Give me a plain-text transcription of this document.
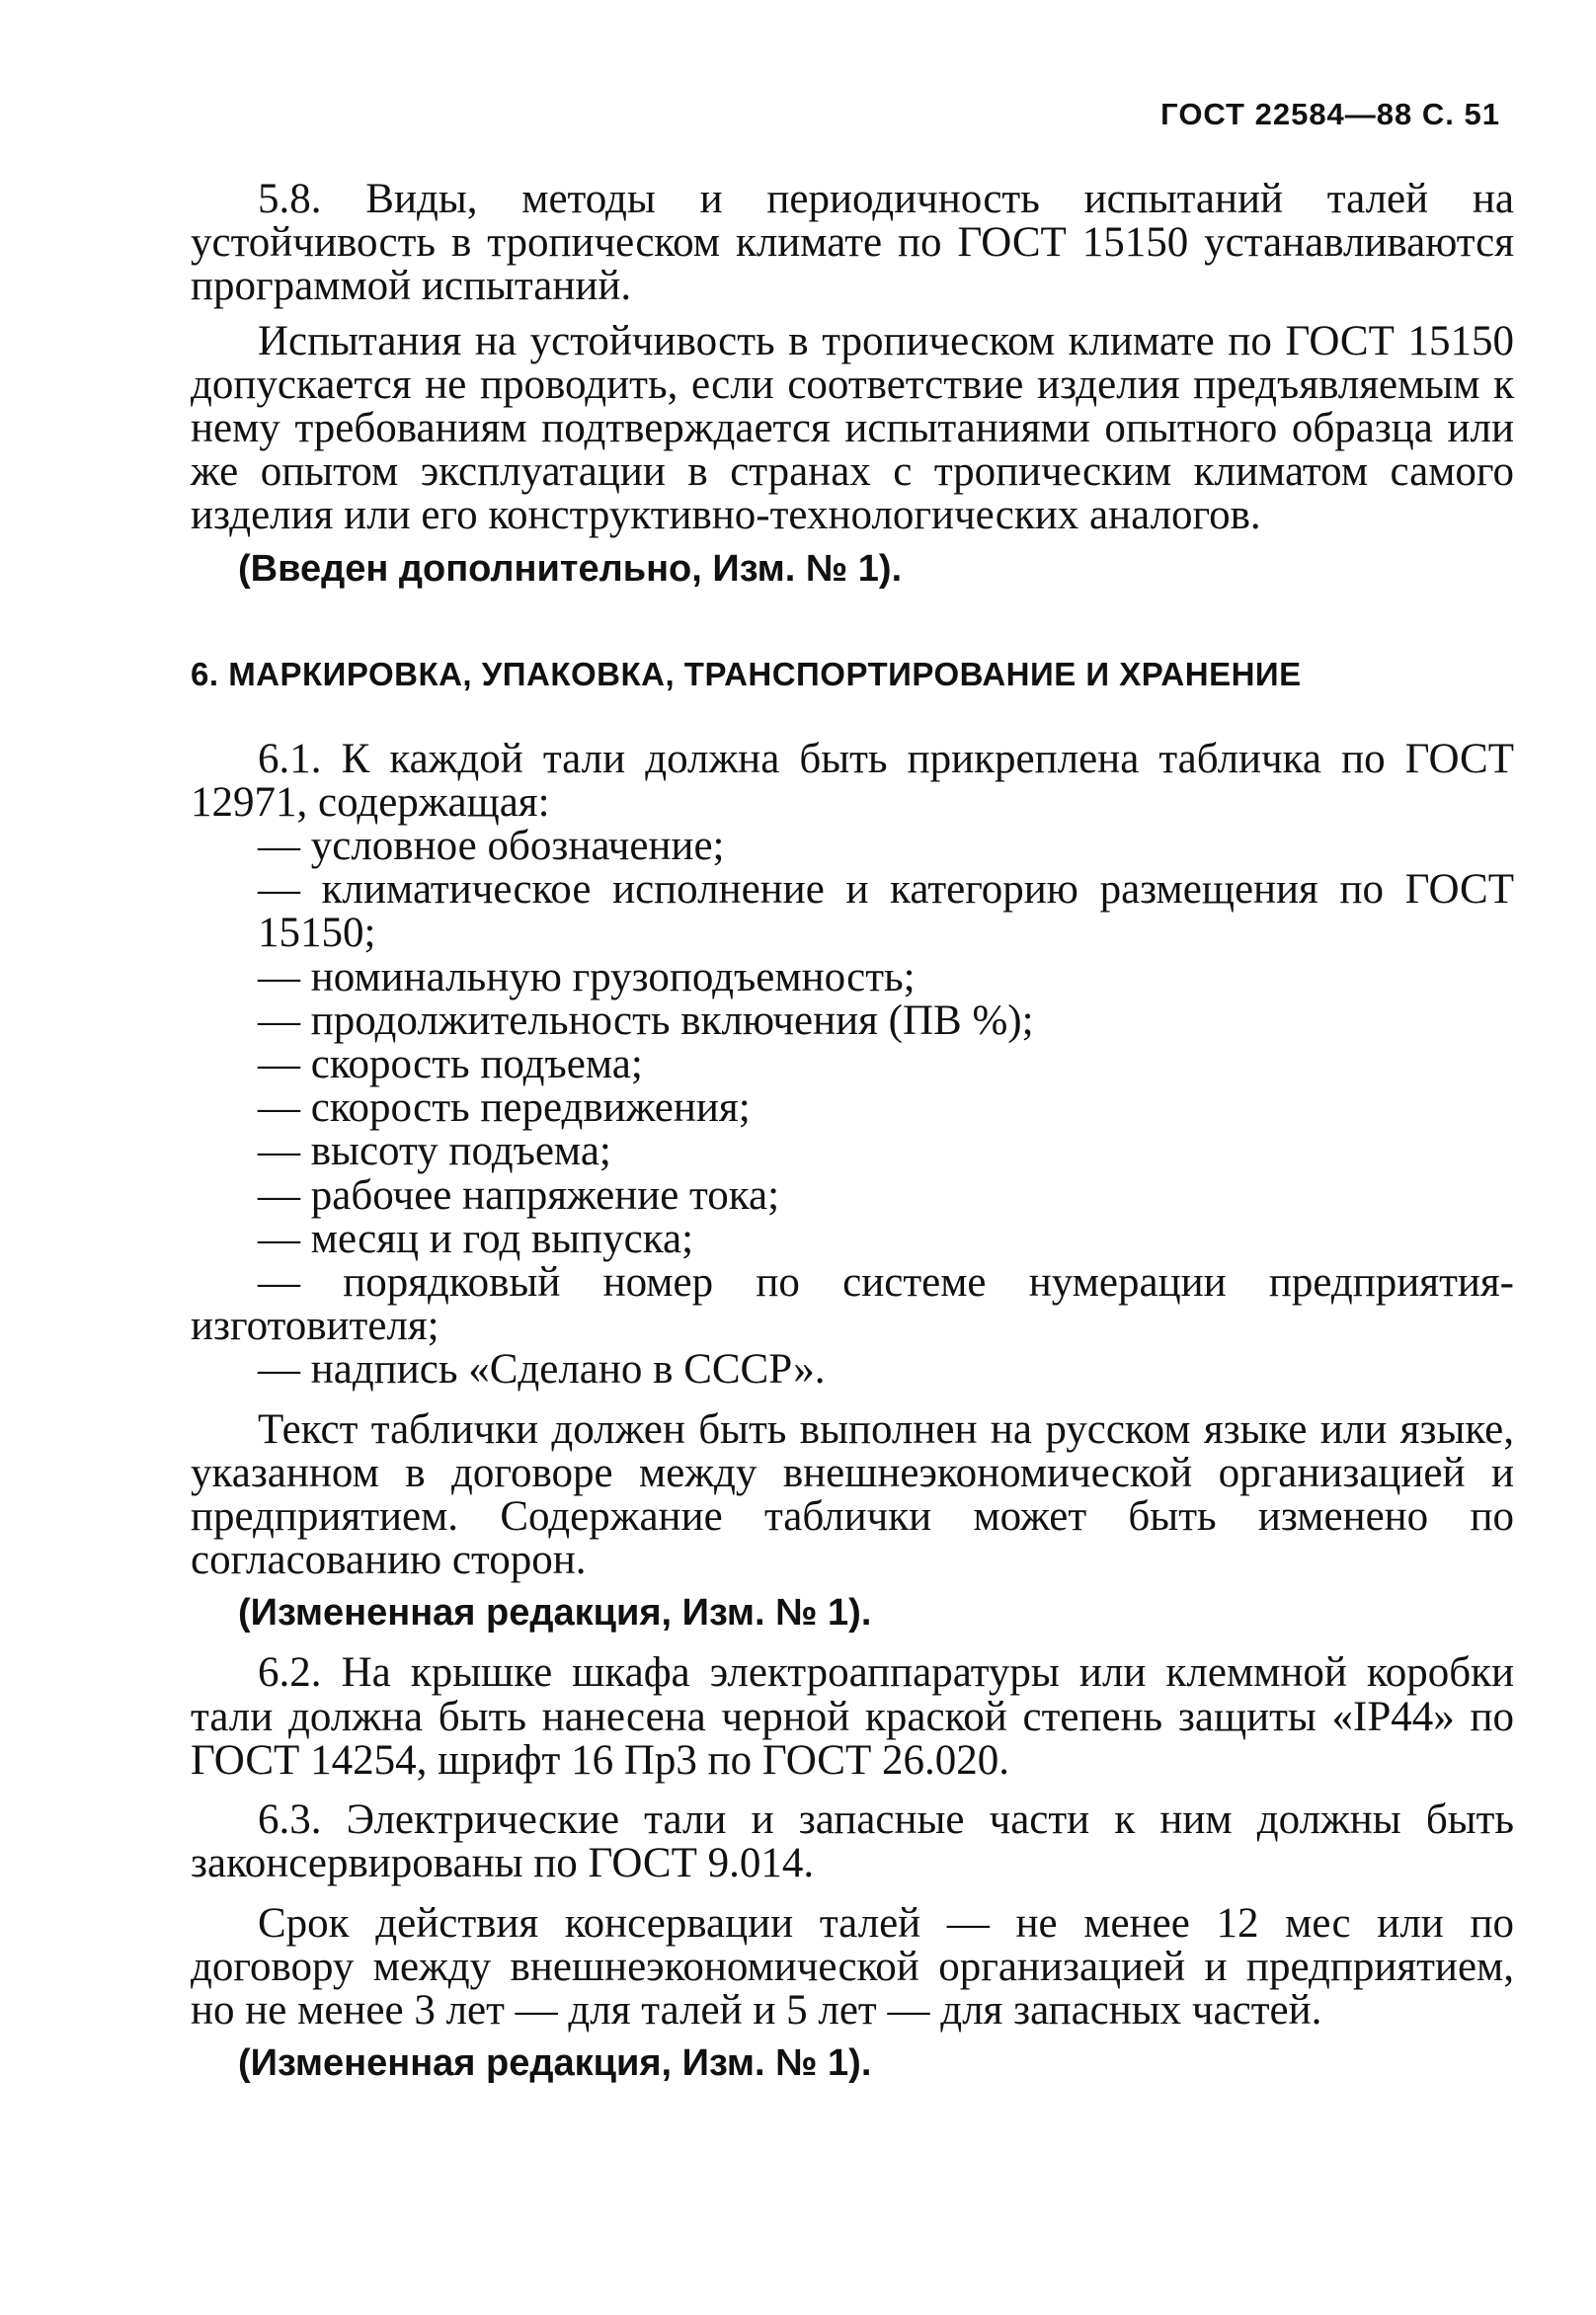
ГОСТ 22584—88 С. 51

5.8. Виды, методы и периодичность испытаний талей на устойчивость в тропическом климате по ГОСТ 15150 устанавливаются программой испытаний.

Испытания на устойчивость в тропическом климате по ГОСТ 15150 допускается не проводить, если соответствие изделия предъявляемым к нему требованиям подтверждается испытаниями опытного образца или же опытом эксплуатации в странах с тропическим климатом самого изделия или его конструктивно-технологических аналогов.

(Введен дополнительно, Изм. № 1).

6. МАРКИРОВКА, УПАКОВКА, ТРАНСПОРТИРОВАНИЕ И ХРАНЕНИЕ

6.1. К каждой тали должна быть прикреплена табличка по ГОСТ 12971, содержащая:

— условное обозначение;

— климатическое исполнение и категорию размещения по ГОСТ 15150;

— номинальную грузоподъемность;

— продолжительность включения (ПВ %);

— скорость подъема;

— скорость передвижения;

— высоту подъема;

— рабочее напряжение тока;

— месяц и год выпуска;

— порядковый номер по системе нумерации предприятия-изготовителя;

— надпись «Сделано в СССР».

Текст таблички должен быть выполнен на русском языке или языке, указанном в договоре между внешнеэкономической организацией и предприятием. Содержание таблички может быть изменено по согласованию сторон.

(Измененная редакция, Изм. № 1).

6.2. На крышке шкафа электроаппаратуры или клеммной коробки тали должна быть нанесена черной краской степень защиты «IP44» по ГОСТ 14254, шрифт 16 Пр3 по ГОСТ 26.020.

6.3. Электрические тали и запасные части к ним должны быть законсервированы по ГОСТ 9.014.

Срок действия консервации талей — не менее 12 мес или по договору между внешнеэкономической организацией и предприятием, но не менее 3 лет — для талей и 5 лет — для запасных частей.

(Измененная редакция, Изм. № 1).
